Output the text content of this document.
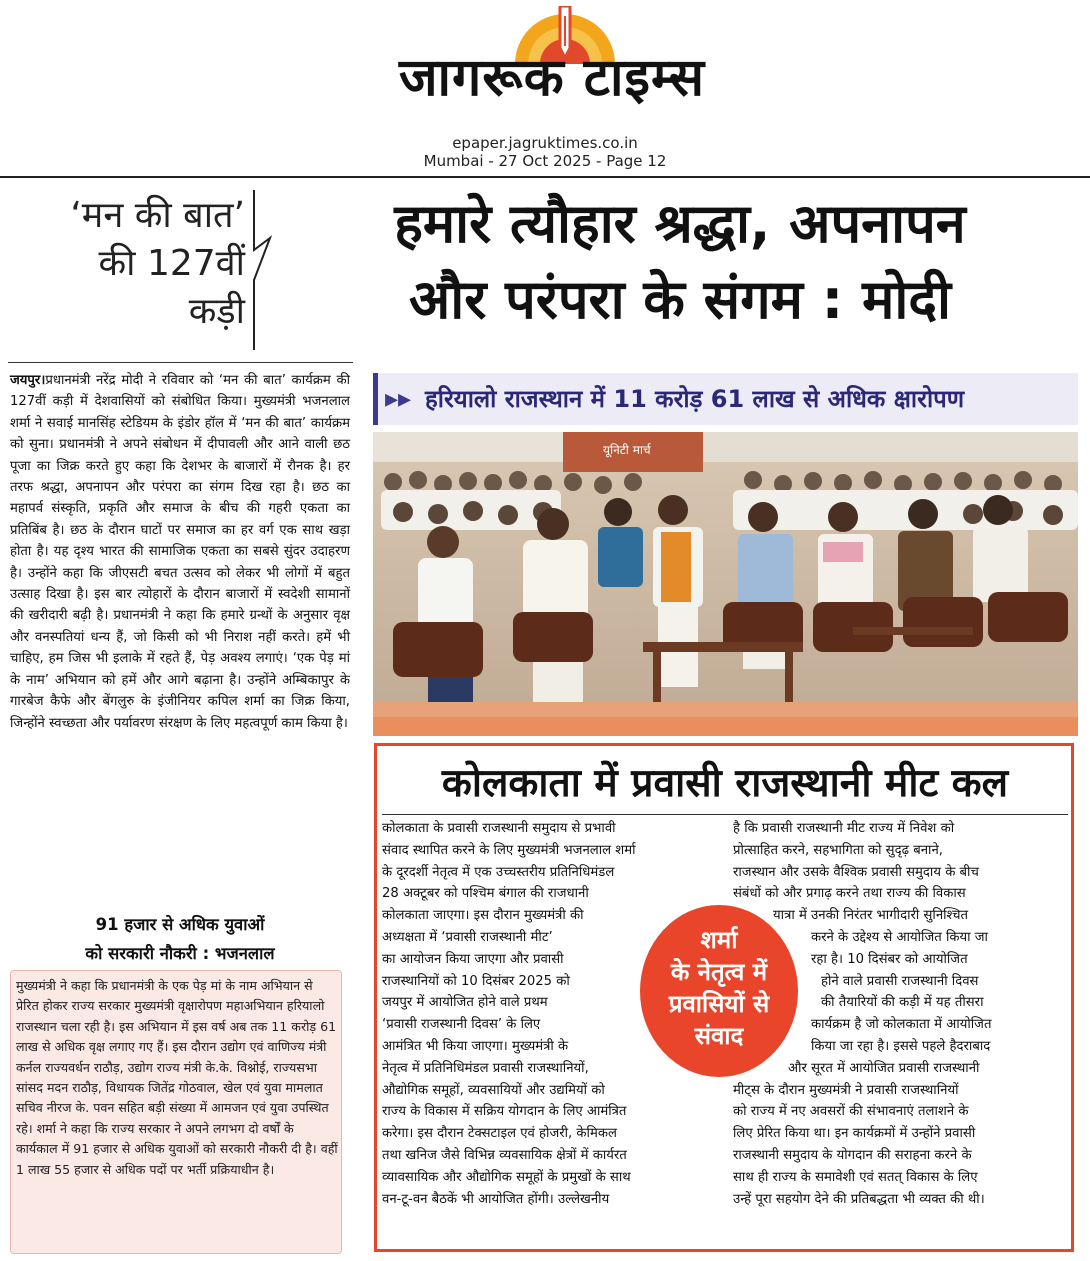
जागरूक टाइम्स
epaper.jagruktimes.co.in
Mumbai - 27 Oct 2025 - Page 12
‘मन की बात’
की 127वीं
कड़ी
हमारे त्यौहार श्रद्धा, अपनापन
और परंपरा के संगम : मोदी
जयपुर।प्रधानमंत्री नरेंद्र मोदी ने रविवार को ‘मन की बात’ कार्यक्रम की 127वीं कड़ी में देशवासियों को संबोधित किया। मुख्यमंत्री भजनलाल शर्मा ने सवाई मानसिंह स्टेडियम के इंडोर हॉल में ‘मन की बात’ कार्यक्रम को सुना। प्रधानमंत्री ने अपने संबोधन में दीपावली और आने वाली छठ पूजा का जिक्र करते हुए कहा कि देशभर के बाजारों में रौनक है। हर तरफ श्रद्धा, अपनापन और परंपरा का संगम दिख रहा है। छठ का महापर्व संस्कृति, प्रकृति और समाज के बीच की गहरी एकता का प्रतिबिंब है। छठ के दौरान घाटों पर समाज का हर वर्ग एक साथ खड़ा होता है। यह दृश्य भारत की सामाजिक एकता का सबसे सुंदर उदाहरण है। उन्होंने कहा कि जीएसटी बचत उत्सव को लेकर भी लोगों में बहुत उत्साह दिखा है। इस बार त्योहारों के दौरान बाजारों में स्वदेशी सामानों की खरीदारी बढ़ी है। प्रधानमंत्री ने कहा कि हमारे ग्रन्थों के अनुसार वृक्ष और वनस्पतियां धन्य हैं, जो किसी को भी निराश नहीं करते। हमें भी चाहिए, हम जिस भी इलाके में रहते हैं, पेड़ अवश्य लगाएं। ‘एक पेड़ मां के नाम’ अभियान को हमें और आगे बढ़ाना है। उन्होंने अम्बिकापुर के गारबेज कैफे और बेंगलुरु के इंजीनियर कपिल शर्मा का जिक्र किया, जिन्होंने स्वच्छता और पर्यावरण संरक्षण के लिए महत्वपूर्ण काम किया है।
91 हजार से अधिक युवाओं
को सरकारी नौकरी : भजनलाल
मुख्यमंत्री ने कहा कि प्रधानमंत्री के एक पेड़ मां के नाम अभियान से प्रेरित होकर राज्य सरकार मुख्यमंत्री वृक्षारोपण महाअभियान हरियालो राजस्थान चला रही है। इस अभियान में इस वर्ष अब तक 11 करोड़ 61 लाख से अधिक वृक्ष लगाए गए हैं। इस दौरान उद्योग एवं वाणिज्य मंत्री कर्नल राज्यवर्धन राठौड़, उद्योग राज्य मंत्री के.के. विश्नोई, राज्यसभा सांसद मदन राठौड़, विधायक जितेंद्र गोठवाल, खेल एवं युवा मामलात सचिव नीरज के. पवन सहित बड़ी संख्या में आमजन एवं युवा उपस्थित रहे। शर्मा ने कहा कि राज्य सरकार ने अपने लगभग दो वर्षों के कार्यकाल में 91 हजार से अधिक युवाओं को सरकारी नौकरी दी है। वहीं 1 लाख 55 हजार से अधिक पदों पर भर्ती प्रक्रियाधीन है।
▸▸ हरियालो राजस्थान में 11 करोड़ 61 लाख से अधिक क्षारोपण
यूनिटी मार्च
कोलकाता में प्रवासी राजस्थानी मीट कल
कोलकाता के प्रवासी राजस्थानी समुदाय से प्रभावी
संवाद स्थापित करने के लिए मुख्यमंत्री भजनलाल शर्मा
के दूरदर्शी नेतृत्व में एक उच्चस्तरीय प्रतिनिधिमंडल
28 अक्टूबर को पश्चिम बंगाल की राजधानी
कोलकाता जाएगा। इस दौरान मुख्यमंत्री की
अध्यक्षता में ‘प्रवासी राजस्थानी मीट’
का आयोजन किया जाएगा और प्रवासी
राजस्थानियों को 10 दिसंबर 2025 को
जयपुर में आयोजित होने वाले प्रथम
‘प्रवासी राजस्थानी दिवस’ के लिए
आमंत्रित भी किया जाएगा। मुख्यमंत्री के
नेतृत्व में प्रतिनिधिमंडल प्रवासी राजस्थानियों,
औद्योगिक समूहों, व्यवसायियों और उद्यमियों को
राज्य के विकास में सक्रिय योगदान के लिए आमंत्रित
करेगा। इस दौरान टेक्सटाइल एवं होजरी, केमिकल
तथा खनिज जैसे विभिन्न व्यवसायिक क्षेत्रों में कार्यरत
व्यावसायिक और औद्योगिक समूहों के प्रमुखों के साथ
वन-टू-वन बैठकें भी आयोजित होंगी। उल्लेखनीय
है कि प्रवासी राजस्थानी मीट राज्य में निवेश को
प्रोत्साहित करने, सहभागिता को सुदृढ़ बनाने,
राजस्थान और उसके वैश्विक प्रवासी समुदाय के बीच
संबंधों को और प्रगाढ़ करने तथा राज्य की विकास
यात्रा में उनकी निरंतर भागीदारी सुनिश्चित
करने के उद्देश्य से आयोजित किया जा
रहा है। 10 दिसंबर को आयोजित
होने वाले प्रवासी राजस्थानी दिवस
की तैयारियों की कड़ी में यह तीसरा
कार्यक्रम है जो कोलकाता में आयोजित
किया जा रहा है। इससे पहले हैदराबाद
और सूरत में आयोजित प्रवासी राजस्थानी
मीट्स के दौरान मुख्यमंत्री ने प्रवासी राजस्थानियों
को राज्य में नए अवसरों की संभावनाएं तलाशने के
लिए प्रेरित किया था। इन कार्यक्रमों में उन्होंने प्रवासी
राजस्थानी समुदाय के योगदान की सराहना करने के
साथ ही राज्य के समावेशी एवं सतत् विकास के लिए
उन्हें पूरा सहयोग देने की प्रतिबद्धता भी व्यक्त की थी।
शर्मा
के नेतृत्व में
प्रवासियों से
संवाद
